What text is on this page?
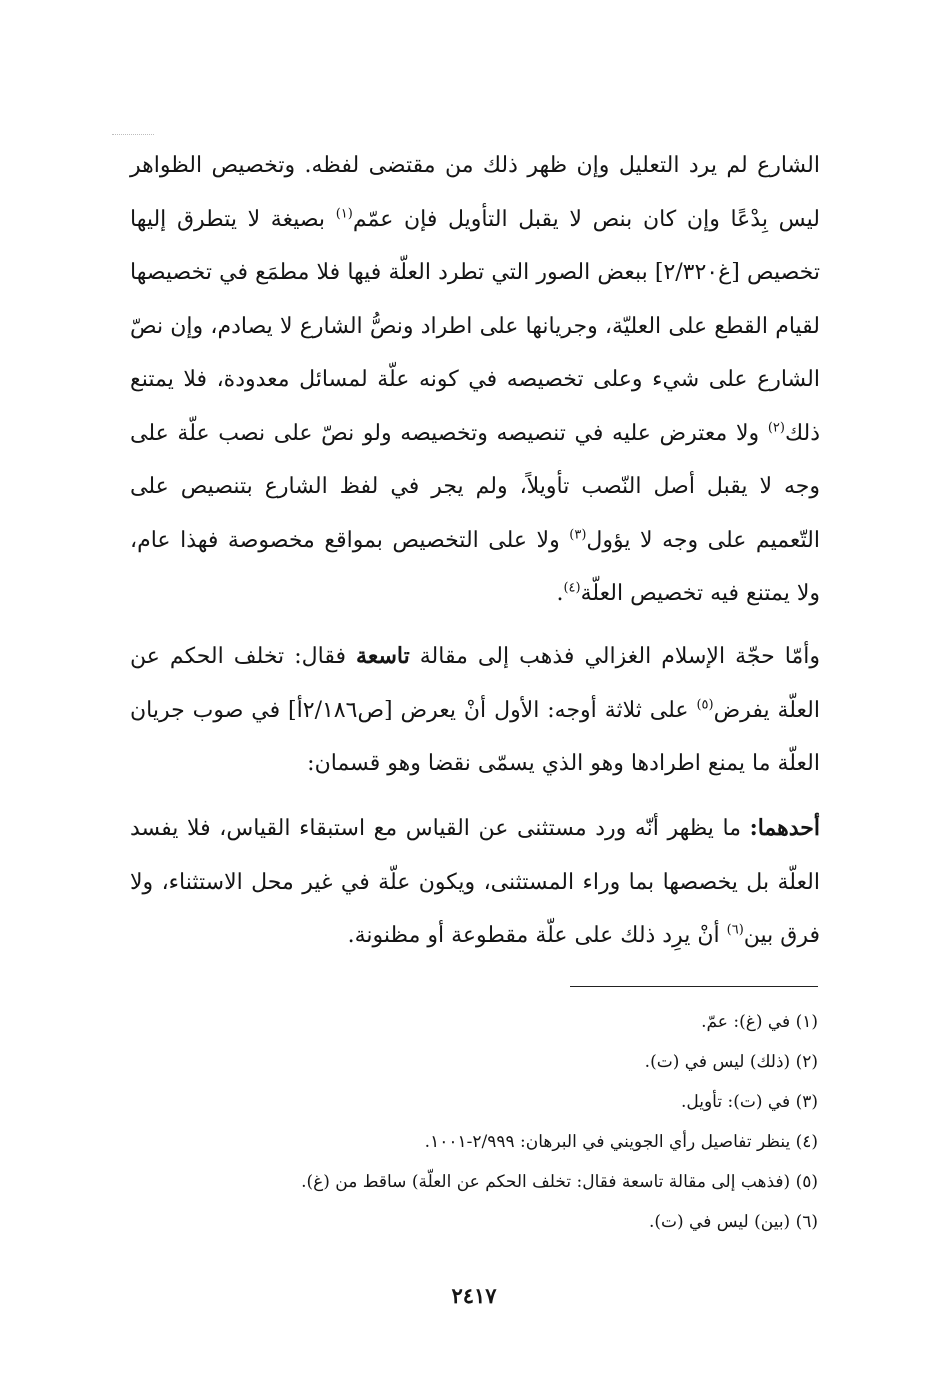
الشارع لم يرد التعليل وإن ظهر ذلك من مقتضى لفظه. وتخصيص الظواهر ليس بِدْعًا وإن كان بنص لا يقبل التأويل فإن عمّم$^{(١)}$ بصيغة لا يتطرق إليها تخصيص [غ٢/٣٢٠] ببعض الصور التي تطرد العلّة فيها فلا مطمَع في تخصيصها لقيام القطع على العليّة، وجريانها على اطراد ونصُّ الشارع لا يصادم، وإن نصّ الشارع على شيء وعلى تخصيصه في كونه علّة لمسائل معدودة، فلا يمتنع ذلك$^{(٢)}$ ولا معترض عليه في تنصيصه وتخصيصه ولو نصّ على نصب علّة على وجه لا يقبل أصل النّصب تأويلاً، ولم يجر في لفظ الشارع بتنصيص على التّعميم على وجه لا يؤول$^{(٣)}$ ولا على التخصيص بمواقع مخصوصة فهذا عام، ولا يمتنع فيه تخصيص العلّة$^{(٤)}$.

وأمّا حجّة الإسلام الغزالي فذهب إلى مقالة تاسعة فقال: تخلف الحكم عن العلّة يفرض$^{(٥)}$ على ثلاثة أوجه: الأول أنْ يعرض [ص٢/١٨٦أ] في صوب جريان العلّة ما يمنع اطرادها وهو الذي يسمّى نقضا وهو قسمان:

أحدهما: ما يظهر أنّه ورد مستثنى عن القياس مع استبقاء القياس، فلا يفسد العلّة بل يخصصها بما وراء المستثنى، ويكون علّة في غير محل الاستثناء، ولا فرق بين$^{(٦)}$ أنْ يرِد ذلك على علّة مقطوعة أو مظنونة.

(١) في (غ): عمّ.
(٢) (ذلك) ليس في (ت).
(٣) في (ت): تأويل.
(٤) ينظر تفاصيل رأي الجويني في البرهان: ٢/٩٩٩-١٠٠١.
(٥) (فذهب إلى مقالة تاسعة فقال: تخلف الحكم عن العلّة) ساقط من (غ).
(٦) (بين) ليس في (ت).
٢٤١٧
